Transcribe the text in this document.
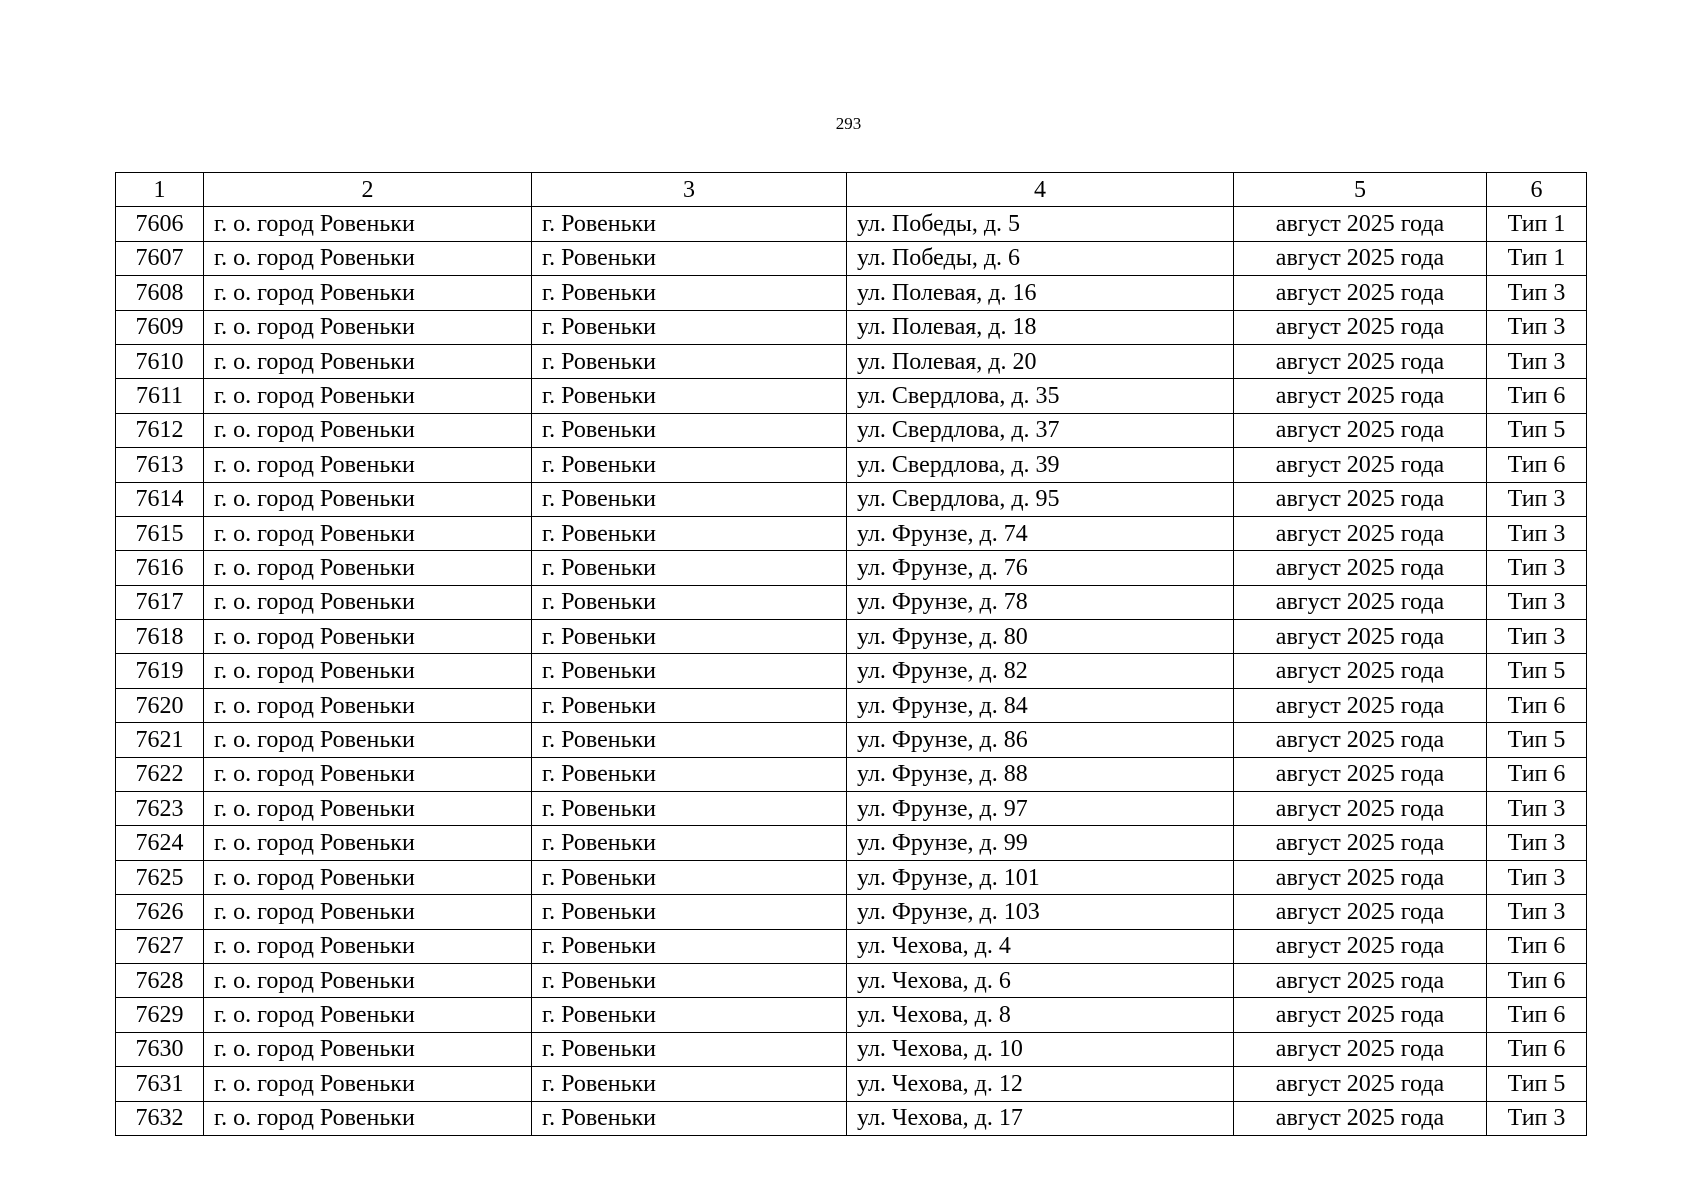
293
1	2	3	4	5	6
7606	г. о. город Ровеньки	г. Ровеньки	ул. Победы, д. 5	август 2025 года	Тип 1
7607	г. о. город Ровеньки	г. Ровеньки	ул. Победы, д. 6	август 2025 года	Тип 1
7608	г. о. город Ровеньки	г. Ровеньки	ул. Полевая, д. 16	август 2025 года	Тип 3
7609	г. о. город Ровеньки	г. Ровеньки	ул. Полевая, д. 18	август 2025 года	Тип 3
7610	г. о. город Ровеньки	г. Ровеньки	ул. Полевая, д. 20	август 2025 года	Тип 3
7611	г. о. город Ровеньки	г. Ровеньки	ул. Свердлова, д. 35	август 2025 года	Тип 6
7612	г. о. город Ровеньки	г. Ровеньки	ул. Свердлова, д. 37	август 2025 года	Тип 5
7613	г. о. город Ровеньки	г. Ровеньки	ул. Свердлова, д. 39	август 2025 года	Тип 6
7614	г. о. город Ровеньки	г. Ровеньки	ул. Свердлова, д. 95	август 2025 года	Тип 3
7615	г. о. город Ровеньки	г. Ровеньки	ул. Фрунзе, д. 74	август 2025 года	Тип 3
7616	г. о. город Ровеньки	г. Ровеньки	ул. Фрунзе, д. 76	август 2025 года	Тип 3
7617	г. о. город Ровеньки	г. Ровеньки	ул. Фрунзе, д. 78	август 2025 года	Тип 3
7618	г. о. город Ровеньки	г. Ровеньки	ул. Фрунзе, д. 80	август 2025 года	Тип 3
7619	г. о. город Ровеньки	г. Ровеньки	ул. Фрунзе, д. 82	август 2025 года	Тип 5
7620	г. о. город Ровеньки	г. Ровеньки	ул. Фрунзе, д. 84	август 2025 года	Тип 6
7621	г. о. город Ровеньки	г. Ровеньки	ул. Фрунзе, д. 86	август 2025 года	Тип 5
7622	г. о. город Ровеньки	г. Ровеньки	ул. Фрунзе, д. 88	август 2025 года	Тип 6
7623	г. о. город Ровеньки	г. Ровеньки	ул. Фрунзе, д. 97	август 2025 года	Тип 3
7624	г. о. город Ровеньки	г. Ровеньки	ул. Фрунзе, д. 99	август 2025 года	Тип 3
7625	г. о. город Ровеньки	г. Ровеньки	ул. Фрунзе, д. 101	август 2025 года	Тип 3
7626	г. о. город Ровеньки	г. Ровеньки	ул. Фрунзе, д. 103	август 2025 года	Тип 3
7627	г. о. город Ровеньки	г. Ровеньки	ул. Чехова, д. 4	август 2025 года	Тип 6
7628	г. о. город Ровеньки	г. Ровеньки	ул. Чехова, д. 6	август 2025 года	Тип 6
7629	г. о. город Ровеньки	г. Ровеньки	ул. Чехова, д. 8	август 2025 года	Тип 6
7630	г. о. город Ровеньки	г. Ровеньки	ул. Чехова, д. 10	август 2025 года	Тип 6
7631	г. о. город Ровеньки	г. Ровеньки	ул. Чехова, д. 12	август 2025 года	Тип 5
7632	г. о. город Ровеньки	г. Ровеньки	ул. Чехова, д. 17	август 2025 года	Тип 3
